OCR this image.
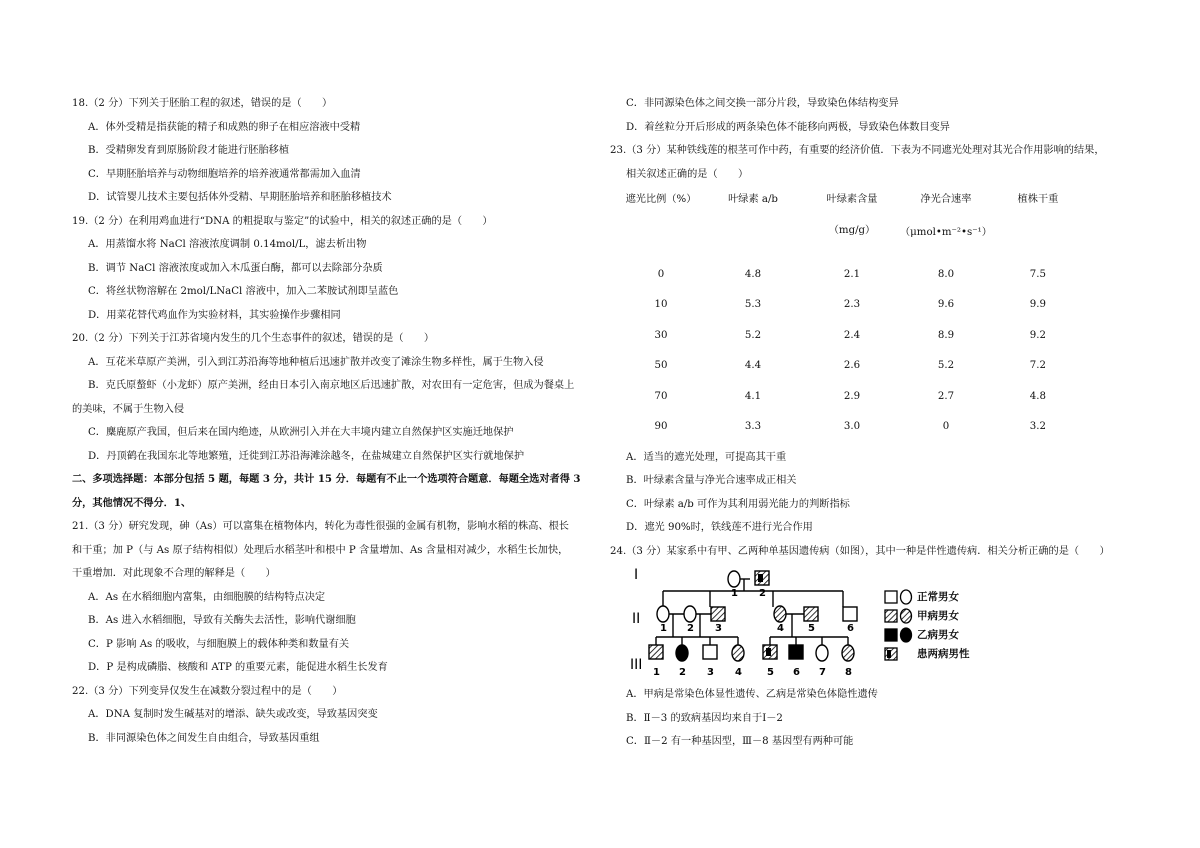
18.（2 分）下列关于胚胎工程的叙述，错误的是（　　）
A．体外受精是指获能的精子和成熟的卵子在相应溶液中受精
B．受精卵发育到原肠阶段才能进行胚胎移植
C．早期胚胎培养与动物细胞培养的培养液通常都需加入血清
D．试管婴儿技术主要包括体外受精、早期胚胎培养和胚胎移植技术
19.（2 分）在利用鸡血进行“DNA 的粗提取与鉴定”的试验中，相关的叙述正确的是（　　）
A．用蒸馏水将 NaCl 溶液浓度调制 0.14mol/L，滤去析出物
B．调节 NaCl 溶液浓度或加入木瓜蛋白酶，都可以去除部分杂质
C．将丝状物溶解在 2mol/LNaCl 溶液中，加入二苯胺试剂即呈蓝色
D．用菜花替代鸡血作为实验材料，其实验操作步骤相同
20.（2 分）下列关于江苏省境内发生的几个生态事件的叙述，错误的是（　　）
A．互花米草原产美洲，引入到江苏沿海等地种植后迅速扩散并改变了滩涂生物多样性，属于生物入侵
B．克氏原螯虾（小龙虾）原产美洲，经由日本引入南京地区后迅速扩散，对农田有一定危害，但成为餐桌上
的美味，不属于生物入侵
C．麋鹿原产我国，但后来在国内绝迹，从欧洲引入并在大丰境内建立自然保护区实施迁地保护
D．丹顶鹤在我国东北等地繁殖，迁徙到江苏沿海滩涂越冬，在盐城建立自然保护区实行就地保护
二、多项选择题：本部分包括 5 题，每题 3 分，共计 15 分．每题有不止一个选项符合题意．每题全选对者得 3
分，其他情况不得分．1、
21.（3 分）研究发现，砷（As）可以富集在植物体内，转化为毒性很强的金属有机物，影响水稻的株高、根长
和干重；加 P（与 As 原子结构相似）处理后水稻茎叶和根中 P 含量增加、As 含量相对减少，水稻生长加快，
干重增加．对此现象不合理的解释是（　　）
A．As 在水稻细胞内富集，由细胞膜的结构特点决定
B．As 进入水稻细胞，导致有关酶失去活性，影响代谢细胞
C．P 影响 As 的吸收，与细胞膜上的载体种类和数量有关
D．P 是构成磷脂、核酸和 ATP 的重要元素，能促进水稻生长发育
22.（3 分）下列变异仅发生在减数分裂过程中的是（　　）
A．DNA 复制时发生碱基对的增添、缺失或改变，导致基因突变
B．非同源染色体之间发生自由组合，导致基因重组
C．非同源染色体之间交换一部分片段，导致染色体结构变异
D．着丝粒分开后形成的两条染色体不能移向两极，导致染色体数目变异
23.（3 分）某种铁线莲的根茎可作中药，有重要的经济价值．下表为不同遮光处理对其光合作用影响的结果，
相关叙述正确的是（　　）
遮光比例（%）	叶绿素 a/b	叶绿素含量	净光合速率	植株干重
		（mg/g）	（μmol•m⁻²•s⁻¹）	
0	4.8	2.1	8.0	7.5
10	5.3	2.3	9.6	9.9
30	5.2	2.4	8.9	9.2
50	4.4	2.6	5.2	7.2
70	4.1	2.9	2.7	4.8
90	3.3	3.0	0	3.2
A．适当的遮光处理，可提高其干重
B．叶绿素含量与净光合速率成正相关
C．叶绿素 a/b 可作为其利用弱光能力的判断指标
D．遮光 90%时，铁线莲不进行光合作用
24.（3 分）某家系中有甲、乙两种单基因遗传病（如图），其中一种是伴性遗传病．相关分析正确的是（　　）
I
II
III
1 2
1 2 3	4 5	6
1 2 3 4	5 6 7 8
正常男女
甲病男女
乙病男女
患两病男性
A．甲病是常染色体显性遗传、乙病是常染色体隐性遗传
B．Ⅱ－3 的致病基因均来自于Ⅰ－2
C．Ⅱ－2 有一种基因型，Ⅲ－8 基因型有两种可能
